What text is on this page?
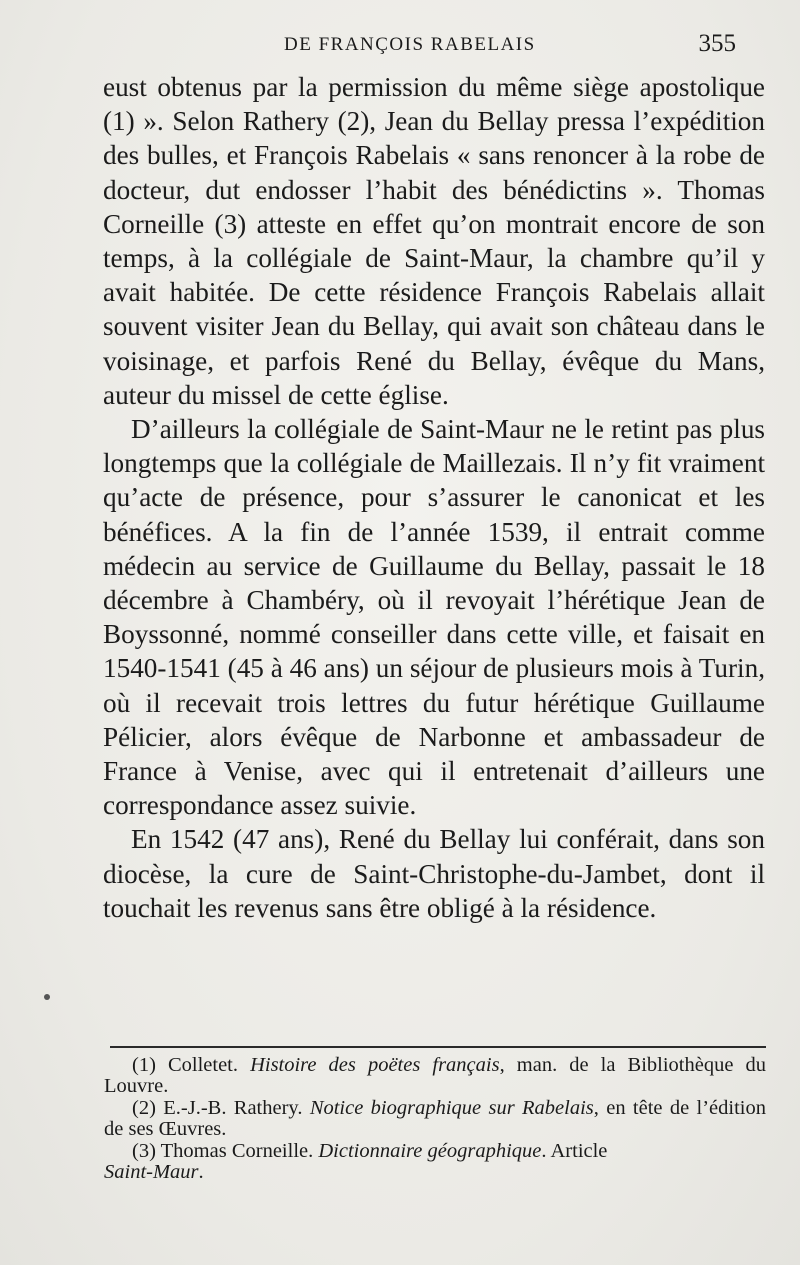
DE FRANÇOIS RABELAIS	355

eust obtenus par la permission du même siège apostolique (1) ». Selon Rathery (2), Jean du Bellay pressa l’expédition des bulles, et François Rabelais « sans renoncer à la robe de docteur, dut endosser l’habit des bénédictins ». Thomas Corneille (3) atteste en effet qu’on montrait encore de son temps, à la collégiale de Saint-Maur, la chambre qu’il y avait habitée. De cette résidence François Rabelais allait souvent visiter Jean du Bellay, qui avait son château dans le voisinage, et parfois René du Bellay, évêque du Mans, auteur du missel de cette église.

D’ailleurs la collégiale de Saint-Maur ne le retint pas plus longtemps que la collégiale de Maillezais. Il n’y fit vraiment qu’acte de présence, pour s’assurer le canonicat et les bénéfices. A la fin de l’année 1539, il entrait comme médecin au service de Guillaume du Bellay, passait le 18 décembre à Chambéry, où il revoyait l’hérétique Jean de Boyssonné, nommé conseiller dans cette ville, et faisait en 1540-1541 (45 à 46 ans) un séjour de plusieurs mois à Turin, où il recevait trois lettres du futur hérétique Guillaume Pélicier, alors évêque de Narbonne et ambassadeur de France à Venise, avec qui il entretenait d’ailleurs une correspondance assez suivie.

En 1542 (47 ans), René du Bellay lui conférait, dans son diocèse, la cure de Saint-Christophe-du-Jambet, dont il touchait les revenus sans être obligé à la résidence.

(1) Colletet. Histoire des poëtes français, man. de la Bibliothèque du Louvre.

(2) E.-J.-B. Rathery. Notice biographique sur Rabelais, en tête de l’édition de ses Œuvres.

(3) Thomas Corneille. Dictionnaire géographique. Article
Saint-Maur.
